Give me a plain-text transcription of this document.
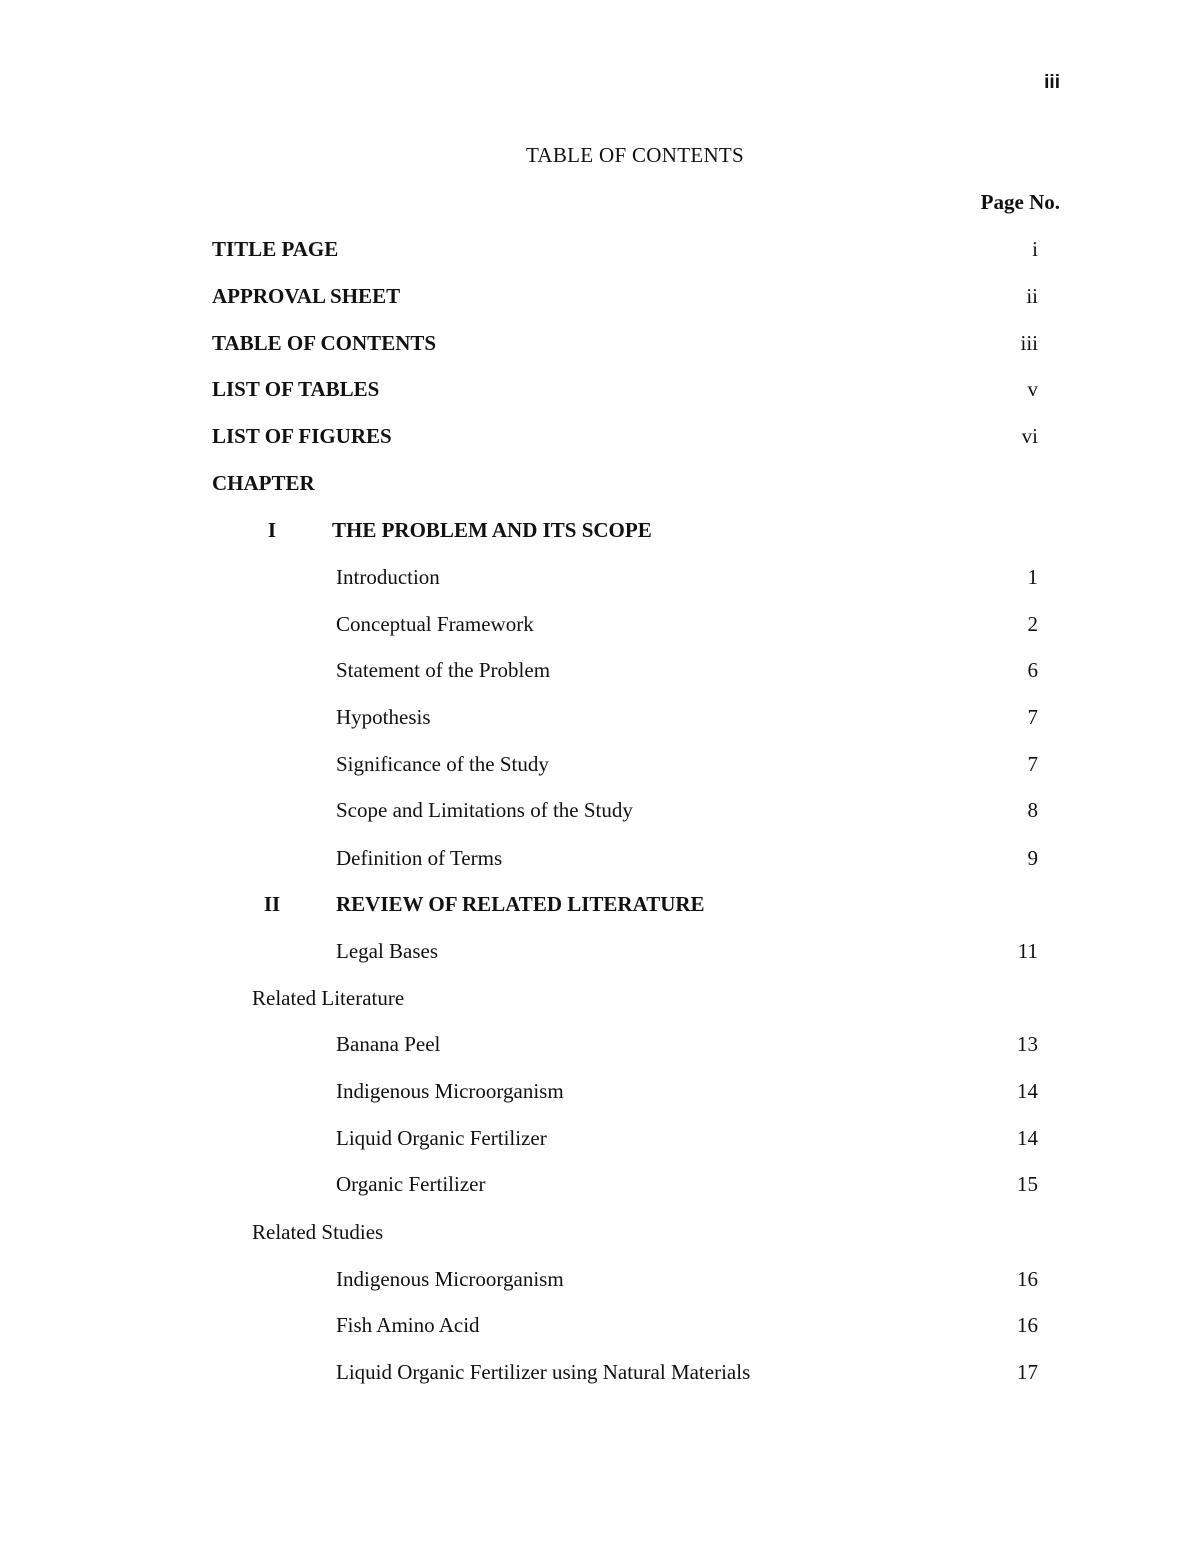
iii
TABLE OF CONTENTS
Page No.
TITLE PAGE	i
APPROVAL SHEET	ii
TABLE OF CONTENTS	iii
LIST OF TABLES	v
LIST OF FIGURES	vi
CHAPTER
I	THE PROBLEM AND ITS SCOPE
Introduction	1
Conceptual Framework	2
Statement of the Problem	6
Hypothesis	7
Significance of the Study	7
Scope and Limitations of the Study	8
Definition of Terms	9
II	REVIEW OF RELATED LITERATURE
Legal Bases	11
Related Literature
Banana Peel	13
Indigenous Microorganism	14
Liquid Organic Fertilizer	14
Organic Fertilizer	15
Related Studies
Indigenous Microorganism	16
Fish Amino Acid	16
Liquid Organic Fertilizer using Natural Materials	17
